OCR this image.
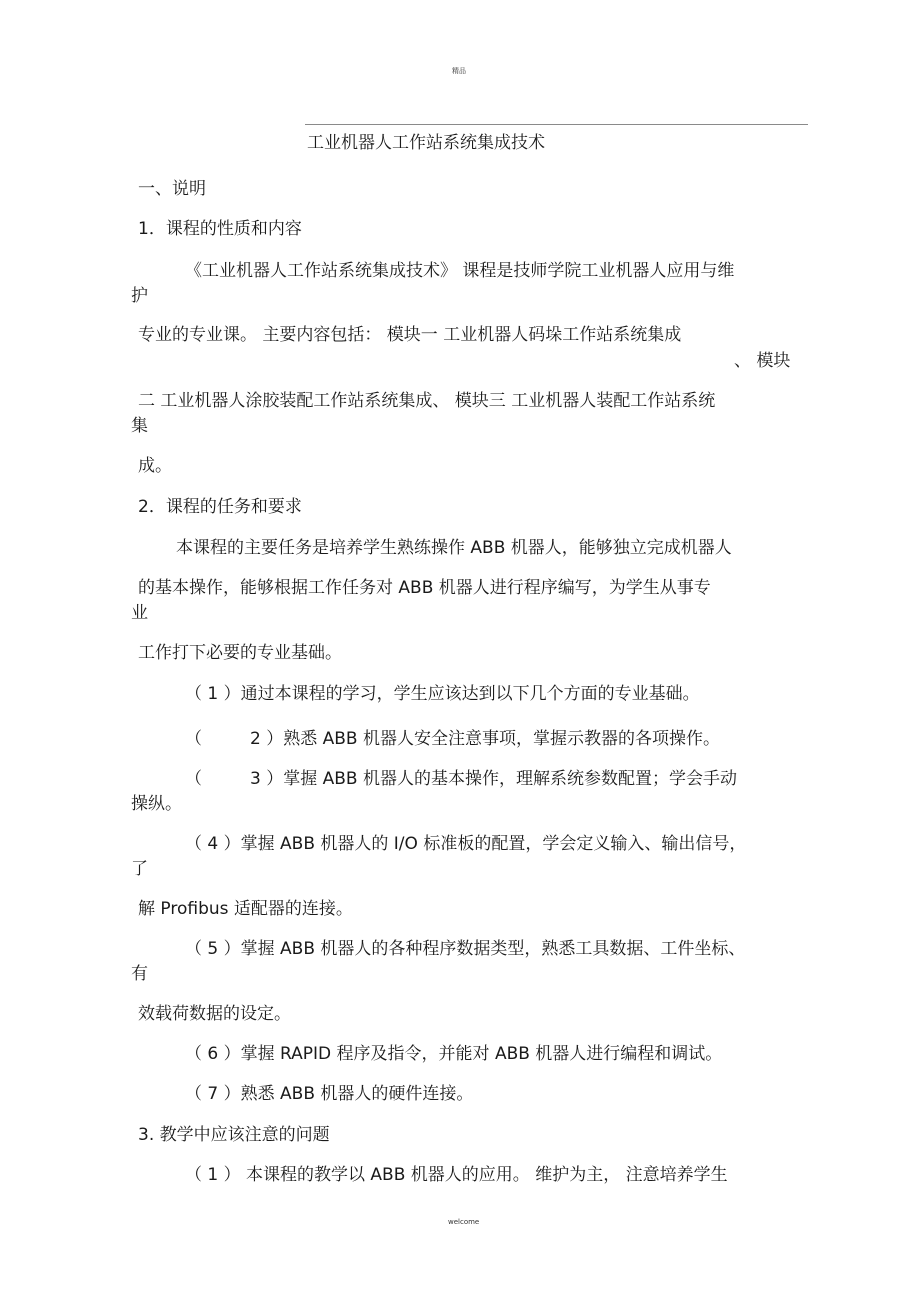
精品
工业机器人工作站系统集成技术
一、说明
1．课程的性质和内容
《工业机器人工作站系统集成技术》 课程是技师学院工业机器人应用与维
护
专业的专业课。 主要内容包括： 模块一 工业机器人码垛工作站系统集成
、 模块
二 工业机器人涂胶装配工作站系统集成、 模块三 工业机器人装配工作站系统
集
成。
2．课程的任务和要求
本课程的主要任务是培养学生熟练操作 ABB 机器人，能够独立完成机器人
的基本操作，能够根据工作任务对 ABB 机器人进行程序编写，为学生从事专
业
工作打下必要的专业基础。
（ 1 ）通过本课程的学习，学生应该达到以下几个方面的专业基础。
（	2 ）熟悉 ABB 机器人安全注意事项，掌握示教器的各项操作。
（	3 ）掌握 ABB 机器人的基本操作，理解系统参数配置；学会手动
操纵。
（ 4 ）掌握 ABB 机器人的 I/O 标准板的配置，学会定义输入、输出信号，
了
解 Profibus 适配器的连接。
（ 5 ）掌握 ABB 机器人的各种程序数据类型，熟悉工具数据、工件坐标、
有
效载荷数据的设定。
（ 6 ）掌握 RAPID 程序及指令，并能对 ABB 机器人进行编程和调试。
（ 7 ）熟悉 ABB 机器人的硬件连接。
3. 教学中应该注意的问题
（ 1 ） 本课程的教学以 ABB 机器人的应用。 维护为主， 注意培养学生
welcome
